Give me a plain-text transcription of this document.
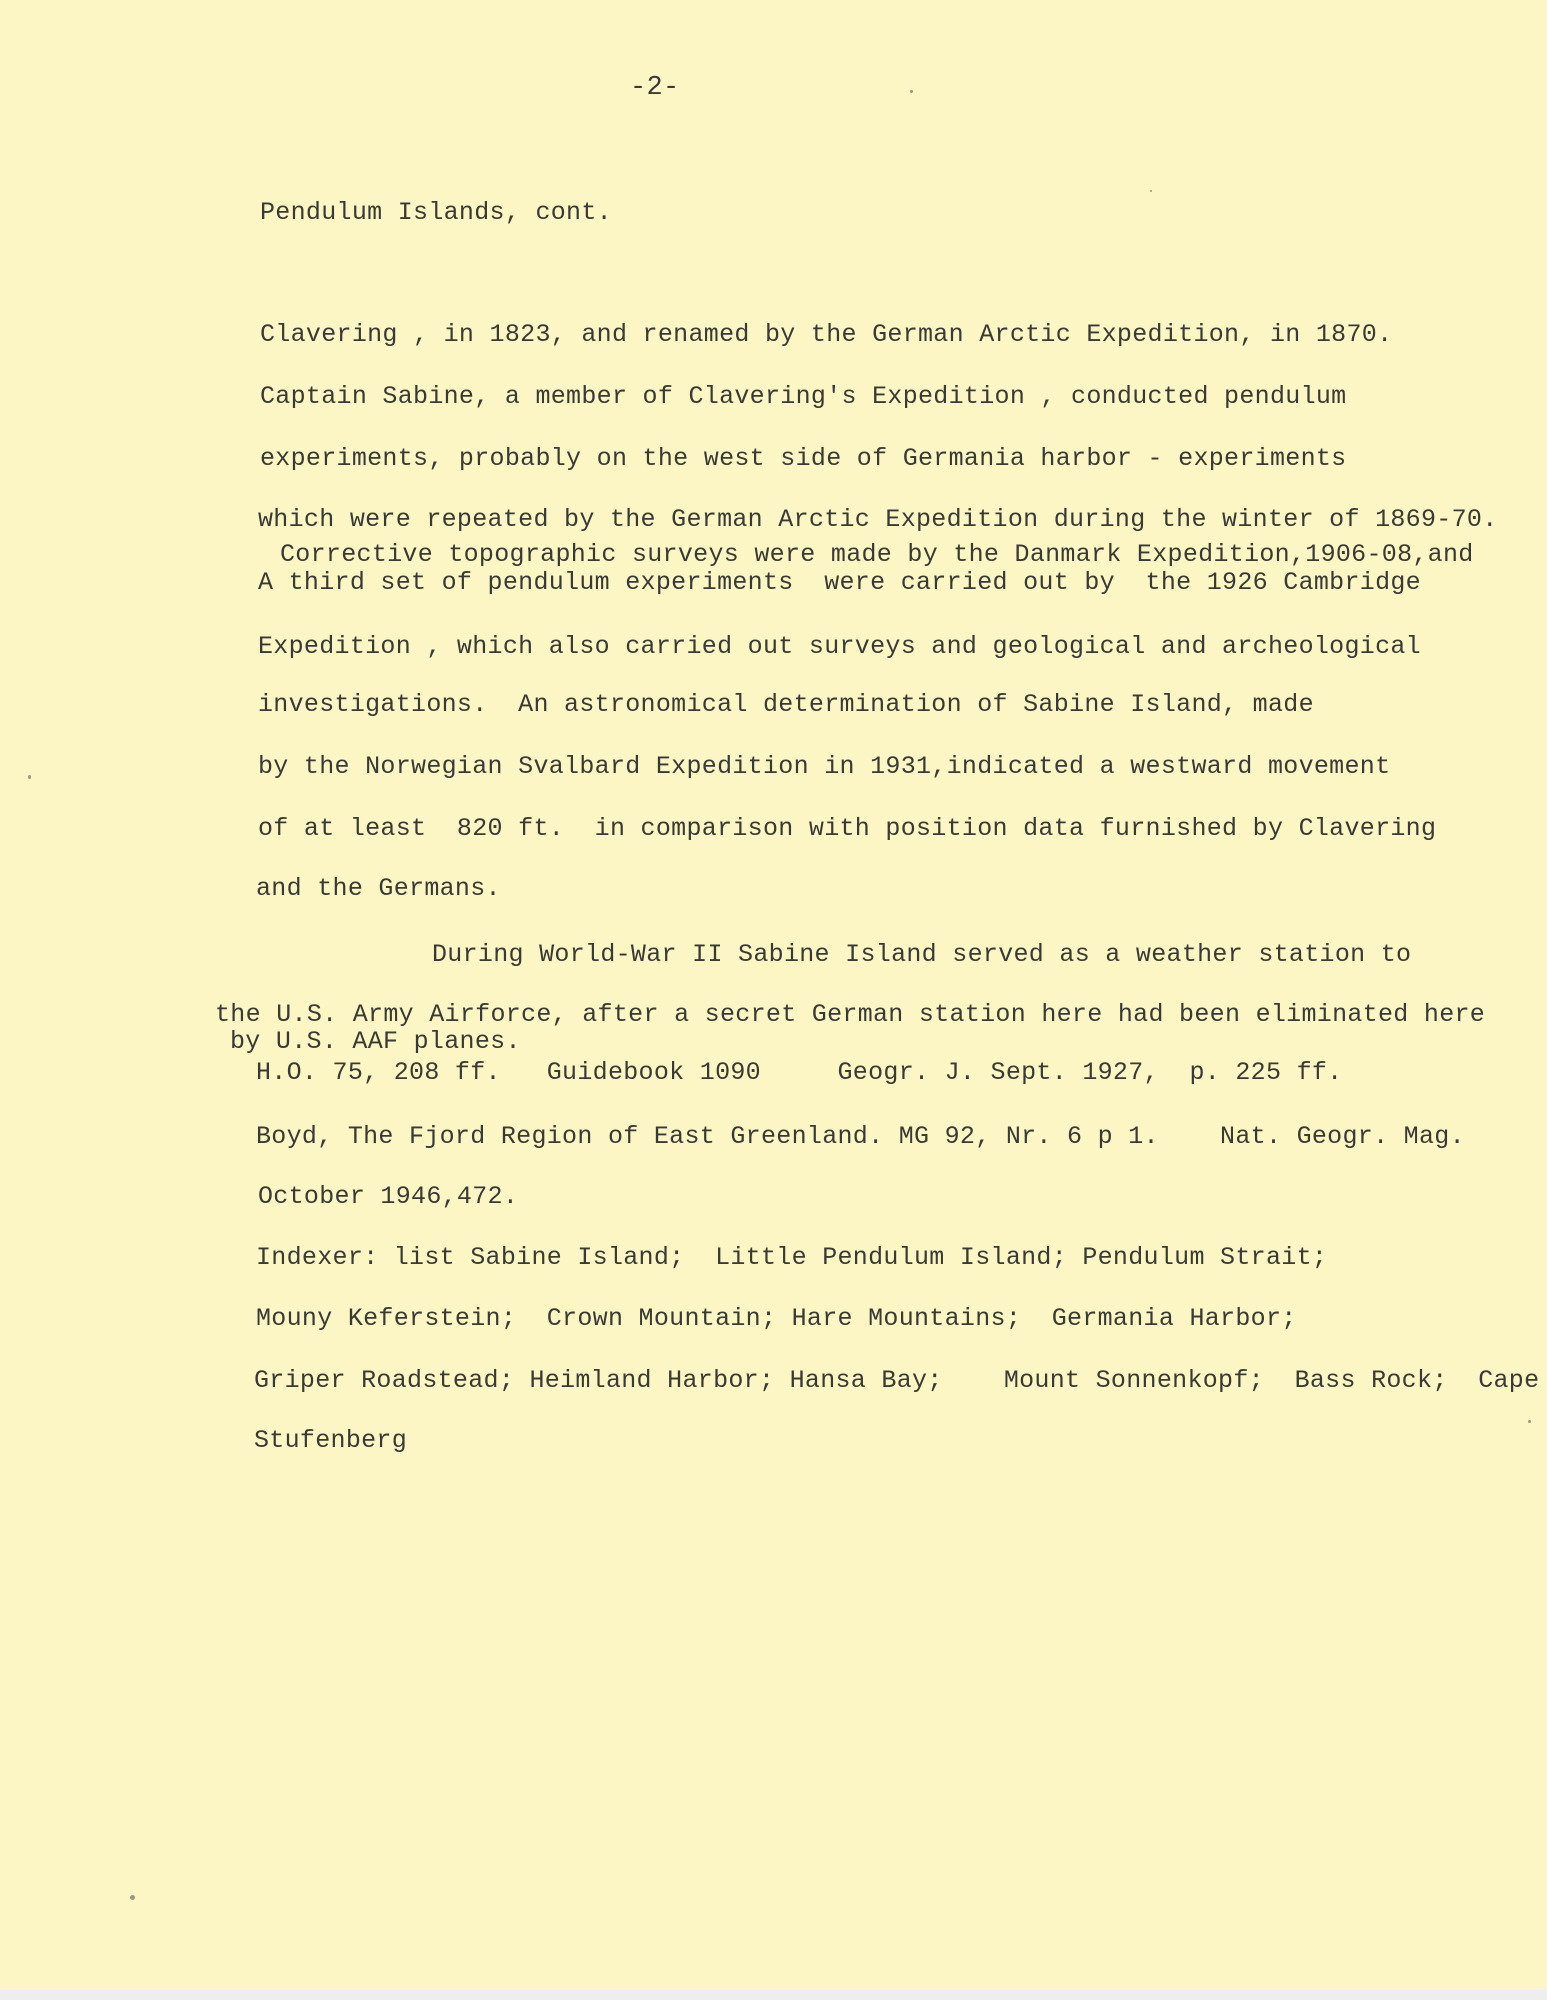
-2-
Pendulum Islands, cont.
Clavering , in 1823, and renamed by the German Arctic Expedition, in 1870.
Captain Sabine, a member of Clavering's Expedition , conducted pendulum
experiments, probably on the west side of Germania harbor - experiments
which were repeated by the German Arctic Expedition during the winter of 1869-70.
Corrective topographic surveys were made by the Danmark Expedition,1906-08,and
A third set of pendulum experiments  were carried out by  the 1926 Cambridge
Expedition , which also carried out surveys and geological and archeological
investigations.  An astronomical determination of Sabine Island, made
by the Norwegian Svalbard Expedition in 1931,indicated a westward movement
of at least  820 ft.  in comparison with position data furnished by Clavering
and the Germans.
During World-War II Sabine Island served as a weather station to
the U.S. Army Airforce, after a secret German station here had been eliminated here
by U.S. AAF planes.
H.O. 75, 208 ff.   Guidebook 1090     Geogr. J. Sept. 1927,  p. 225 ff.
Boyd, The Fjord Region of East Greenland. MG 92, Nr. 6 p 1.    Nat. Geogr. Mag.
October 1946,472.
Indexer: list Sabine Island;  Little Pendulum Island; Pendulum Strait;
Mouny Keferstein;  Crown Mountain; Hare Mountains;  Germania Harbor;
Griper Roadstead; Heimland Harbor; Hansa Bay;    Mount Sonnenkopf;  Bass Rock;  Cape
Stufenberg
